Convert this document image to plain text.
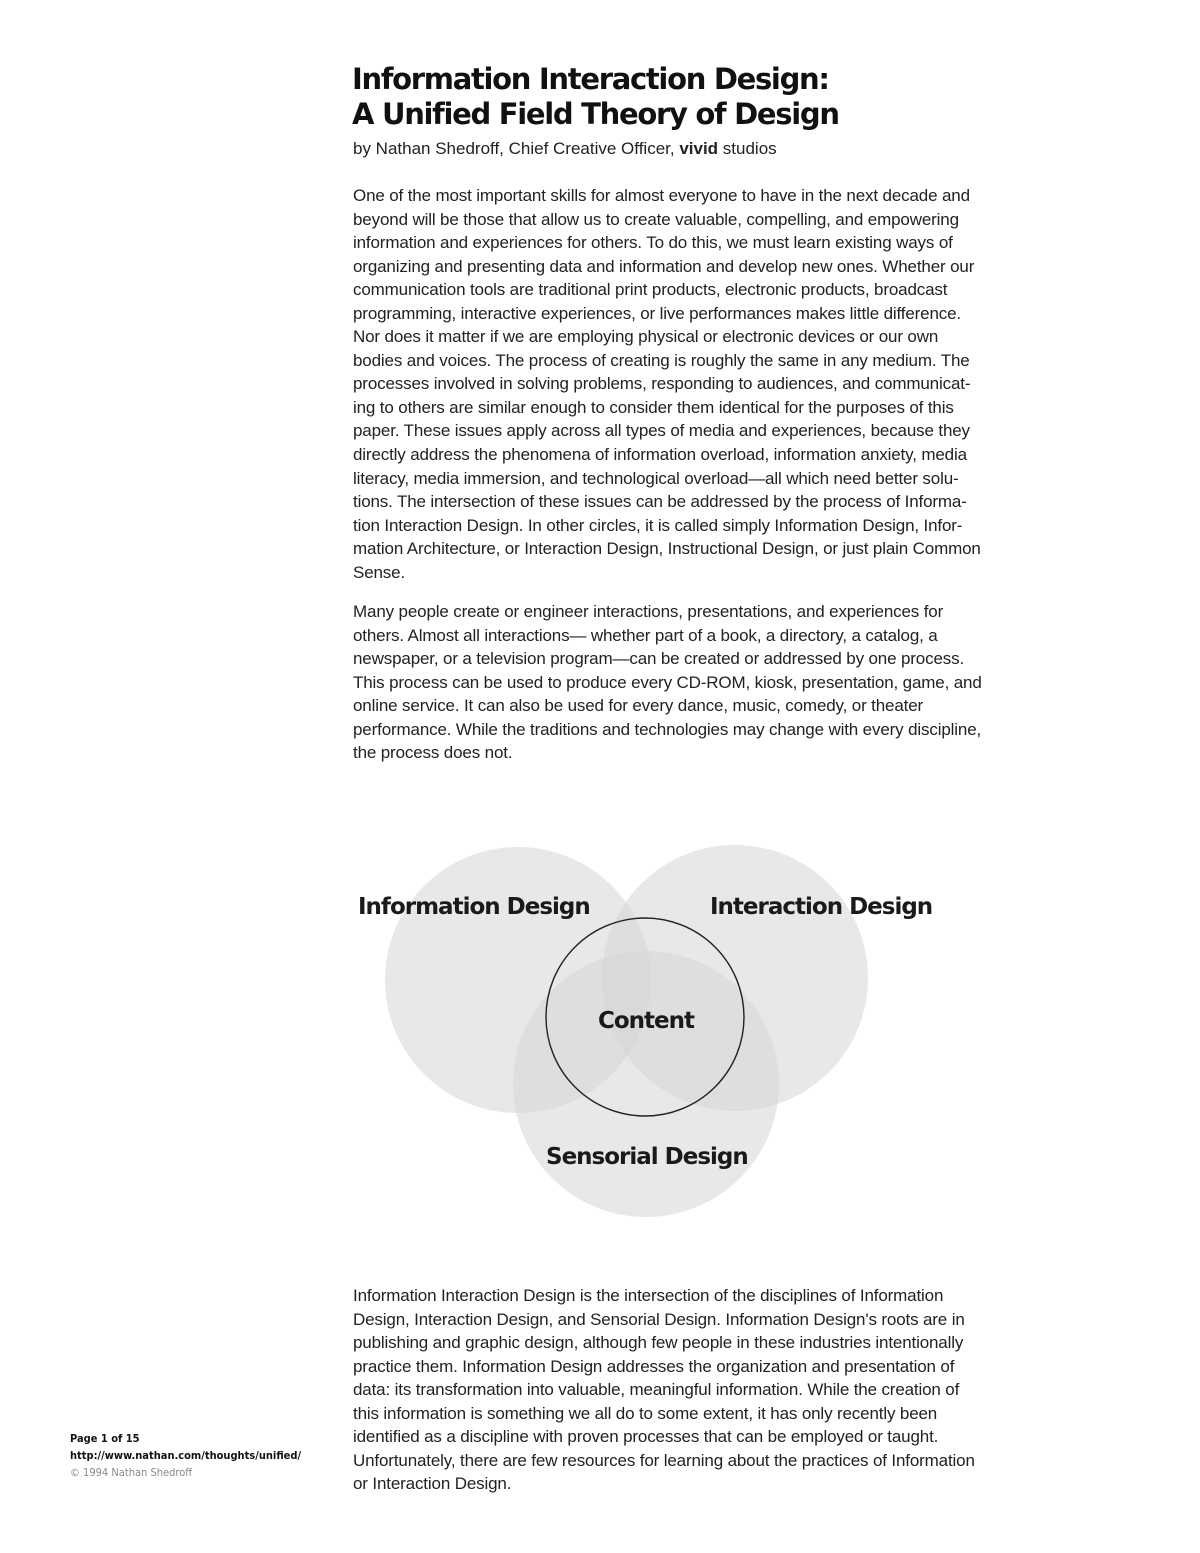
Information Interaction Design:
A Unified Field Theory of Design
by Nathan Shedroff, Chief Creative Officer, vivid studios

One of the most important skills for almost everyone to have in the next decade and
beyond will be those that allow us to create valuable, compelling, and empowering
information and experiences for others. To do this, we must learn existing ways of
organizing and presenting data and information and develop new ones. Whether our
communication tools are traditional print products, electronic products, broadcast
programming, interactive experiences, or live performances makes little difference.
Nor does it matter if we are employing physical or electronic devices or our own
bodies and voices. The process of creating is roughly the same in any medium. The
processes involved in solving problems, responding to audiences, and communicat-
ing to others are similar enough to consider them identical for the purposes of this
paper. These issues apply across all types of media and experiences, because they
directly address the phenomena of information overload, information anxiety, media
literacy, media immersion, and technological overload—all which need better solu-
tions. The intersection of these issues can be addressed by the process of Informa-
tion Interaction Design. In other circles, it is called simply Information Design, Infor-
mation Architecture, or Interaction Design, Instructional Design, or just plain Common
Sense.

Many people create or engineer interactions, presentations, and experiences for
others. Almost all interactions— whether part of a book, a directory, a catalog, a
newspaper, or a television program—can be created or addressed by one process.
This process can be used to produce every CD-ROM, kiosk, presentation, game, and
online service. It can also be used for every dance, music, comedy, or theater
performance. While the traditions and technologies may change with every discipline,
the process does not.

Information Design	Interaction Design
Content
Sensorial Design

Information Interaction Design is the intersection of the disciplines of Information
Design, Interaction Design, and Sensorial Design. Information Design's roots are in
publishing and graphic design, although few people in these industries intentionally
practice them. Information Design addresses the organization and presentation of
data: its transformation into valuable, meaningful information. While the creation of
this information is something we all do to some extent, it has only recently been
identified as a discipline with proven processes that can be employed or taught.
Unfortunately, there are few resources for learning about the practices of Information
or Interaction Design.

Page 1 of 15
http://www.nathan.com/thoughts/unified/
© 1994 Nathan Shedroff
